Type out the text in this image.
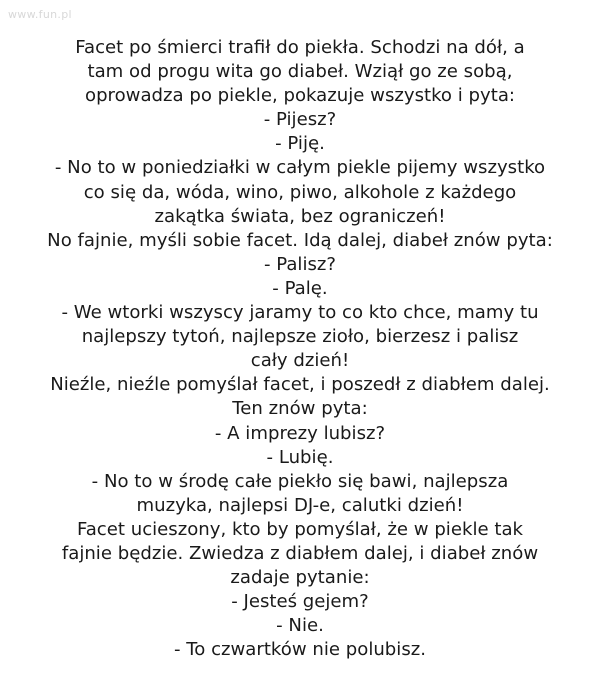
www.fun.pl
Facet po śmierci trafił do piekła. Schodzi na dół, a
tam od progu wita go diabeł. Wziął go ze sobą,
oprowadza po piekle, pokazuje wszystko i pyta:
- Pijesz?
- Piję.
- No to w poniedziałki w całym piekle pijemy wszystko
co się da, wóda, wino, piwo, alkohole z każdego
zakątka świata, bez ograniczeń!
No fajnie, myśli sobie facet. Idą dalej, diabeł znów pyta:
- Palisz?
- Palę.
- We wtorki wszyscy jaramy to co kto chce, mamy tu
najlepszy tytoń, najlepsze zioło, bierzesz i palisz
cały dzień!
Nieźle, nieźle pomyślał facet, i poszedł z diabłem dalej.
Ten znów pyta:
- A imprezy lubisz?
- Lubię.
- No to w środę całe piekło się bawi, najlepsza
muzyka, najlepsi DJ-e, calutki dzień!
Facet ucieszony, kto by pomyślał, że w piekle tak
fajnie będzie. Zwiedza z diabłem dalej, i diabeł znów
zadaje pytanie:
- Jesteś gejem?
- Nie.
- To czwartków nie polubisz.
